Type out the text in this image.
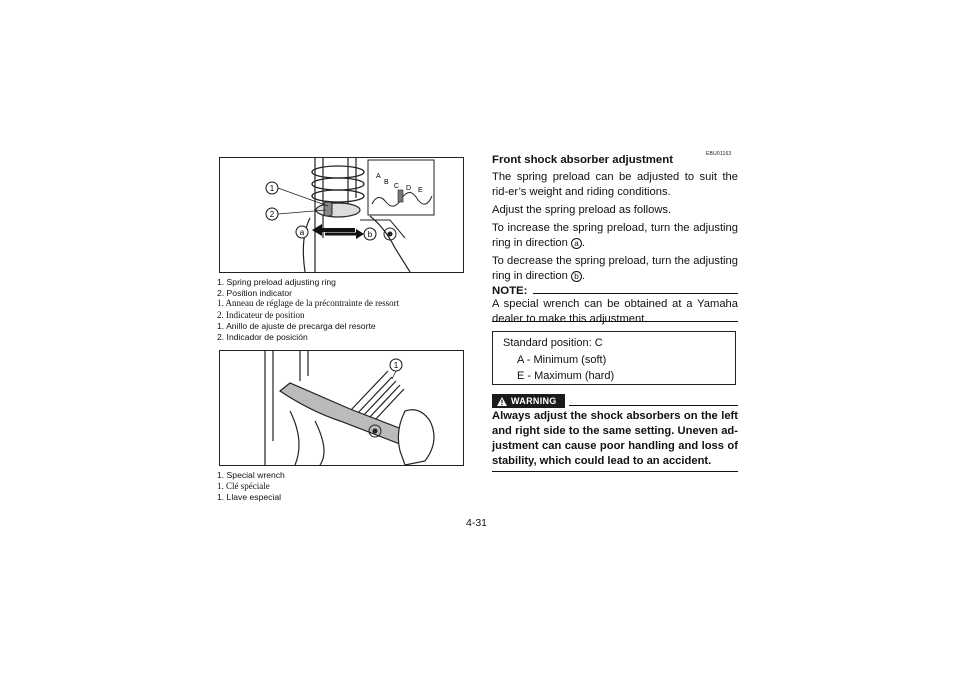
A
B
C D E
1
2
a	b
1. Spring preload adjusting ring
2. Position indicator
1. Anneau de réglage de la précontrainte de ressort
2. Indicateur de position
1. Anillo de ajuste de precarga del resorte
2. Indicador de posición
1
1. Special wrench
1. Clé spéciale
1. Llave especial
EBU01163
Front shock absorber adjustment

The spring preload can be adjusted to suit the rid-er’s weight and riding conditions.

Adjust the spring preload as follows.

To increase the spring preload, turn the adjusting ring in direction a .

To decrease the spring preload, turn the adjusting ring in direction b .

NOTE:
A special wrench can be obtained at a Yamaha dealer to make this adjustment.
Standard position: C
A - Minimum (soft)
E - Maximum (hard)
WARNING
Always adjust the shock absorbers on the left and right side to the same setting. Uneven ad-justment can cause poor handling and loss of stability, which could lead to an accident.
4-31
